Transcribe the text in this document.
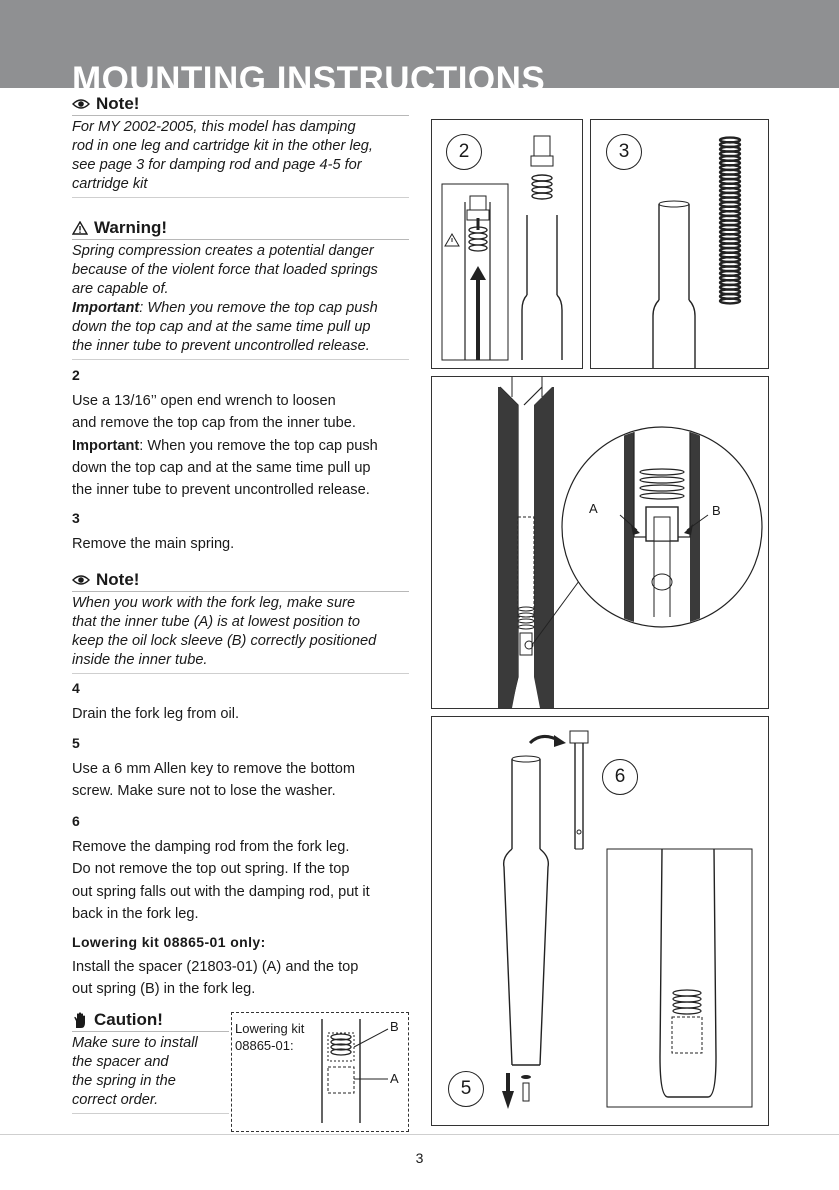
MOUNTING INSTRUCTIONS
Note!
For MY 2002-2005, this model has damping
rod in one leg and cartridge kit in the other leg,
see page 3 for damping rod and page 4-5 for
cartridge kit
Warning!
Spring compression creates a potential danger
because of the violent force that loaded springs
are capable of.
Important: When you remove the top cap push
down the top cap and at the same time pull up
the inner tube to prevent uncontrolled release.
2
Use a 13/16’’ open end wrench to loosen
and remove the top cap from the inner tube.
Important: When you remove the top cap push
down the top cap and at the same time pull up
the inner tube to prevent uncontrolled release.
3
Remove the main spring.
Note!
When you work with the fork leg, make sure
that the inner tube (A) is at lowest position to
keep the oil lock sleeve (B) correctly positioned
inside the inner tube.
4
Drain the fork leg from oil.
5
Use a 6 mm Allen key to remove the bottom
screw. Make sure not to lose the washer.
6
Remove the damping rod from the fork leg.
Do not remove the top out spring. If the top
out spring falls out with the damping rod, put it
back in the fork leg.
Lowering kit 08865-01 only:
Install the spacer (21803-01) (A) and the top
out spring (B) in the fork leg.
Caution!
Make sure to install
the spacer and
the spring in the
correct order.
Lowering kit
08865-01:
B
A
2	3
A	B
6
5
3
